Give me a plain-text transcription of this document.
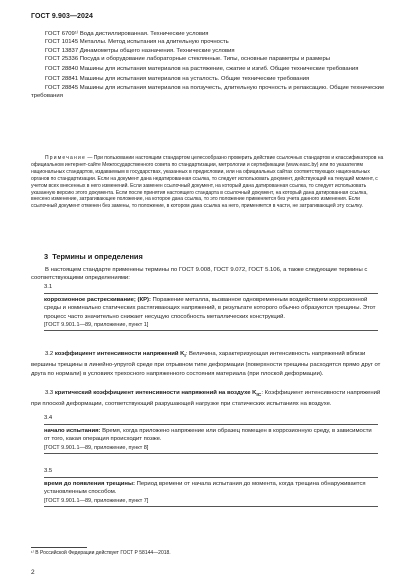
ГОСТ 9.903—2024

ГОСТ 6709¹⁾ Вода дистиллированная. Технические условия

ГОСТ 10145 Металлы. Метод испытания на длительную прочность

ГОСТ 13837 Динамометры общего назначения. Технические условия

ГОСТ 25336 Посуда и оборудование лабораторные стеклянные. Типы, основные параметры и размеры

ГОСТ 28840 Машины для испытания материалов на растяжение, сжатие и изгиб. Общие технические требования

ГОСТ 28841 Машины для испытания материалов на усталость. Общие технические требования

ГОСТ 28845 Машины для испытания материалов на ползучесть, длительную прочность и релаксацию. Общие технические требования

Примечание — При пользовании настоящим стандартом целесообразно проверить действие ссылочных стандартов и классификаторов на официальном интернет-сайте Межгосударственного совета по стандартизации, метрологии и сертификации (www.easc.by) или по указателям национальных стандартов, издаваемым в государствах, указанных в предисловии, или на официальных сайтах соответствующих национальных органов по стандартизации. Если на документ дана недатированная ссылка, то следует использовать документ, действующий на текущий момент, с учетом всех внесенных в него изменений. Если заменен ссылочный документ, на который дана датированная ссылка, то следует использовать указанную версию этого документа. Если после принятия настоящего стандарта в ссылочный документ, на который дана датированная ссылка, внесено изменение, затрагивающее положение, на которое дана ссылка, то это положение применяется без учета данного изменения. Если ссылочный документ отменен без замены, то положение, в котором дана ссылка на него, применяется в части, не затрагивающей эту ссылку.

3 Термины и определения
В настоящем стандарте применены термины по ГОСТ 9.008, ГОСТ 9.072, ГОСТ 5.106, а также следующие термины с соответствующими определениями:
3.1

коррозионное растрескивание; (КР): Поражение металла, вызванное одновременным воздействием коррозионной среды и номинально статических растягивающих напряжений, в результате которого обычно образуются трещины. Этот процесс часто значительно снижает несущую способность металлических конструкций.

[ГОСТ 9.901.1—89, приложение, пункт 1]

3.2 коэффициент интенсивности напряжений $K_I$: Величина, характеризующая интенсивность напряжений вблизи вершины трещины в линейно-упругой среде при отрывном типе деформации (поверхности трещины расходятся прямо друг от друга по нормали) в условиях трехосного напряженного состояния материала (при плоской деформации).
3.3 критический коэффициент интенсивности напряжений на воздухе $K_{IC}$: Коэффициент интенсивности напряжений при плоской деформации, соответствующий разрушающей нагрузке при статических испытаниях на воздухе.
3.4

начало испытания: Время, когда приложено напряжение или образец помещен в коррозионную среду, в зависимости от того, какая операция происходит позже.

[ГОСТ 9.901.1—89, приложение, пункт 8]

3.5

время до появления трещины: Период времени от начала испытания до момента, когда трещина обнаруживается установленным способом.

[ГОСТ 9.901.1—89, приложение, пункт 7]

¹⁾ В Российской Федерации действует ГОСТ Р 58144—2018.
2
